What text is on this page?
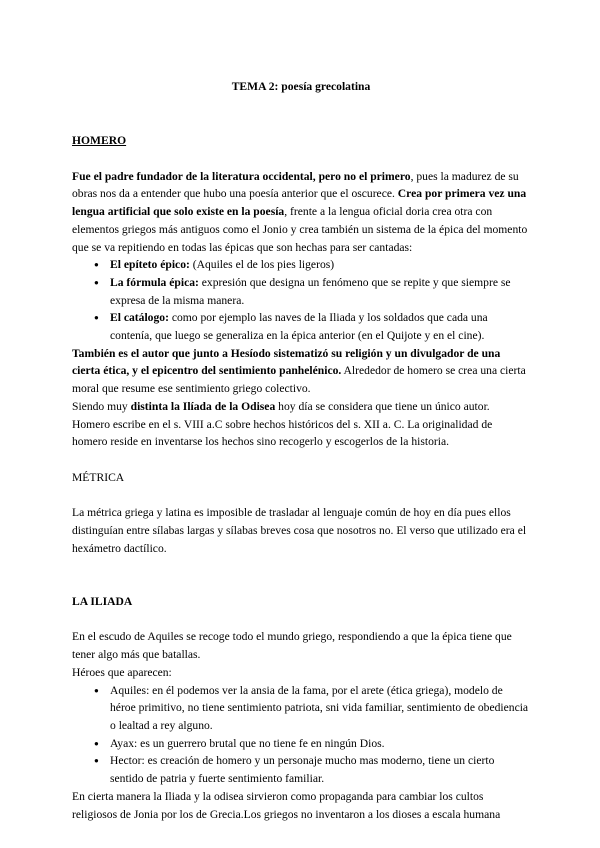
TEMA 2: poesía grecolatina
HOMERO

Fue el padre fundador de la literatura occidental, pero no el primero, pues la madurez de su obras nos da a entender que hubo una poesía anterior que el oscurece. Crea por primera vez una lengua artificial que solo existe en la poesía, frente a la lengua oficial doria crea otra con elementos griegos más antiguos como el Jonio y crea también un sistema de la épica del momento que se va repitiendo en todas las épicas que son hechas para ser cantadas:

● El epíteto épico: (Aquiles el de los pies ligeros)
● La fórmula épica: expresión que designa un fenómeno que se repite y que siempre se expresa de la misma manera.
● El catálogo: como por ejemplo las naves de la Iliada y los soldados que cada una contenía, que luego se generaliza en la épica anterior (en el Quijote y en el cine).

También es el autor que junto a Hesíodo sistematizó su religión y un divulgador de una cierta ética, y el epicentro del sentimiento panhelénico. Alrededor de homero se crea una cierta moral que resume ese sentimiento griego colectivo.

Siendo muy distinta la Ilíada de la Odisea hoy día se considera que tiene un único autor. Homero escribe en el s. VIII a.C sobre hechos históricos del s. XII a. C. La originalidad de homero reside en inventarse los hechos sino recogerlo y escogerlos de la historia.

MÉTRICA

La métrica griega y latina es imposible de trasladar al lenguaje común de hoy en día pues ellos distinguían entre sílabas largas y sílabas breves cosa que nosotros no. El verso que utilizado era el hexámetro dactílico.

LA ILIADA

En el escudo de Aquiles se recoge todo el mundo griego, respondiendo a que la épica tiene que tener algo más que batallas.

Héroes que aparecen:

● Aquiles: en él podemos ver la ansia de la fama, por el arete (ética griega), modelo de héroe primitivo, no tiene sentimiento patriota, sni vida familiar, sentimiento de obediencia o lealtad a rey alguno.
● Ayax: es un guerrero brutal que no tiene fe en ningún Dios.
● Hector: es creación de homero y un personaje mucho mas moderno, tiene un cierto sentido de patria y fuerte sentimiento familiar.

En cierta manera la Iliada y la odisea sirvieron como propaganda para cambiar los cultos religiosos de Jonia por los de Grecia.Los griegos no inventaron a los dioses a escala humana
